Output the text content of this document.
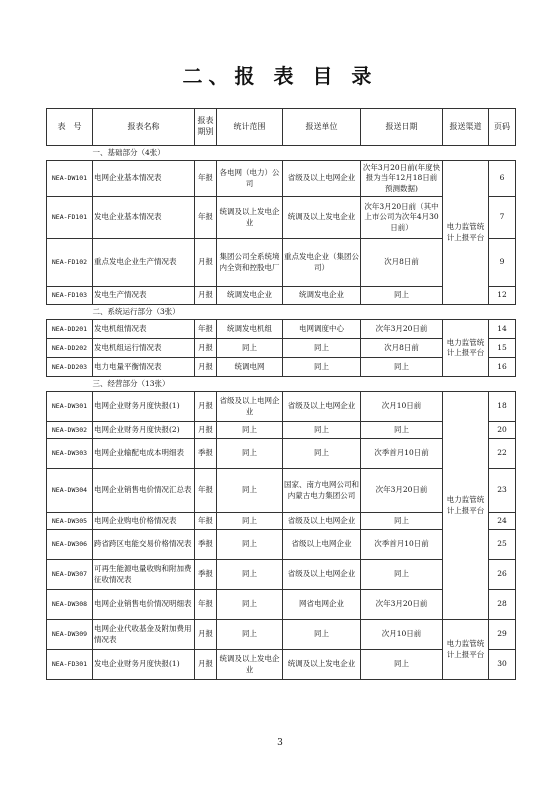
二、报 表 目 录
表　号	报表名称	报表期别	统计范围	报送单位	报送日期	报送渠道	页码
一、基础部分（4张）							
NEA-DW101	电网企业基本情况表	年报	各电网（电力）公司	省级及以上电网企业	次年3月20日前(年度快报为当年12月18日前预测数据)	电力监管统计上报平台	6
NEA-FD101	发电企业基本情况表	年报	统调及以上发电企业	统调及以上发电企业	次年3月20日前（其中上市公司为次年4月30日前）		7
NEA-FD102	重点发电企业生产情况表	月报	集团公司全系统境内全资和控股电厂	重点发电企业（集团公司）	次月8日前		9
NEA-FD103	发电生产情况表	月报	统调发电企业	统调发电企业	同上		12
二、系统运行部分（3张）							
NEA-DD201	发电机组情况表	年报	统调发电机组	电网调度中心	次年3月20日前	电力监管统计上报平台	14
NEA-DD202	发电机组运行情况表	月报	同上	同上	次月8日前		15
NEA-DD203	电力电量平衡情况表	月报	统调电网	同上	同上		16
三、经营部分（13张）							
NEA-DW301	电网企业财务月度快报(1)	月报	省级及以上电网企业	省级及以上电网企业	次月10日前	电力监管统计上报平台	18
NEA-DW302	电网企业财务月度快报(2)	月报	同上	同上	同上		20
NEA-DW303	电网企业输配电成本明细表	季报	同上	同上	次季首月10日前		22
NEA-DW304	电网企业销售电价情况汇总表	年报	同上	国家、南方电网公司和内蒙古电力集团公司	次年3月20日前		23
NEA-DW305	电网企业购电价格情况表	年报	同上	省级及以上电网企业	同上		24
NEA-DW306	跨省跨区电能交易价格情况表	季报	同上	省级以上电网企业	次季首月10日前		25
NEA-DW307	可再生能源电量收购和附加费征收情况表	季报	同上	省级及以上电网企业	同上		26
NEA-DW308	电网企业销售电价情况明细表	年报	同上	网省电网企业	次年3月20日前		28
NEA-DW309	电网企业代收基金及附加费用情况表	月报	同上	同上	次月10日前	电力监管统计上报平台	29
NEA-FD301	发电企业财务月度快报(1)	月报	统调及以上发电企业	统调及以上发电企业	同上		30
3
